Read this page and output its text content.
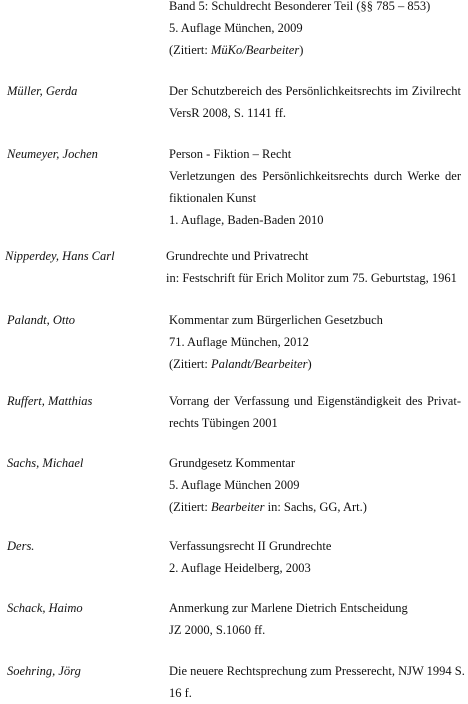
Band 5: Schuldrecht Besonderer Teil (§§ 785 – 853)
5. Auflage München, 2009
(Zitiert: MüKo/Bearbeiter)
Müller, Gerda	Der Schutzbereich des Persönlichkeitsrechts im Zivilrecht
VersR 2008, S. 1141 ff.
Neumeyer, Jochen	Person - Fiktion – Recht
Verletzungen des Persönlichkeitsrechts durch Werke der
fiktionalen Kunst
1. Auflage, Baden-Baden 2010
Nipperdey, Hans Carl	Grundrechte und Privatrecht
in: Festschrift für Erich Molitor zum 75. Geburtstag, 1961
Palandt, Otto	Kommentar zum Bürgerlichen Gesetzbuch
71. Auflage München, 2012
(Zitiert: Palandt/Bearbeiter)
Ruffert, Matthias	Vorrang der Verfassung und Eigenständigkeit des Privat-
rechts Tübingen 2001
Sachs, Michael	Grundgesetz Kommentar
5. Auflage München 2009
(Zitiert: Bearbeiter in: Sachs, GG, Art.)
Ders.	Verfassungsrecht II Grundrechte
2. Auflage Heidelberg, 2003
Schack, Haimo	Anmerkung zur Marlene Dietrich Entscheidung
JZ 2000, S.1060 ff.
Soehring, Jörg	Die neuere Rechtsprechung zum Presserecht, NJW 1994 S.
16 f.
